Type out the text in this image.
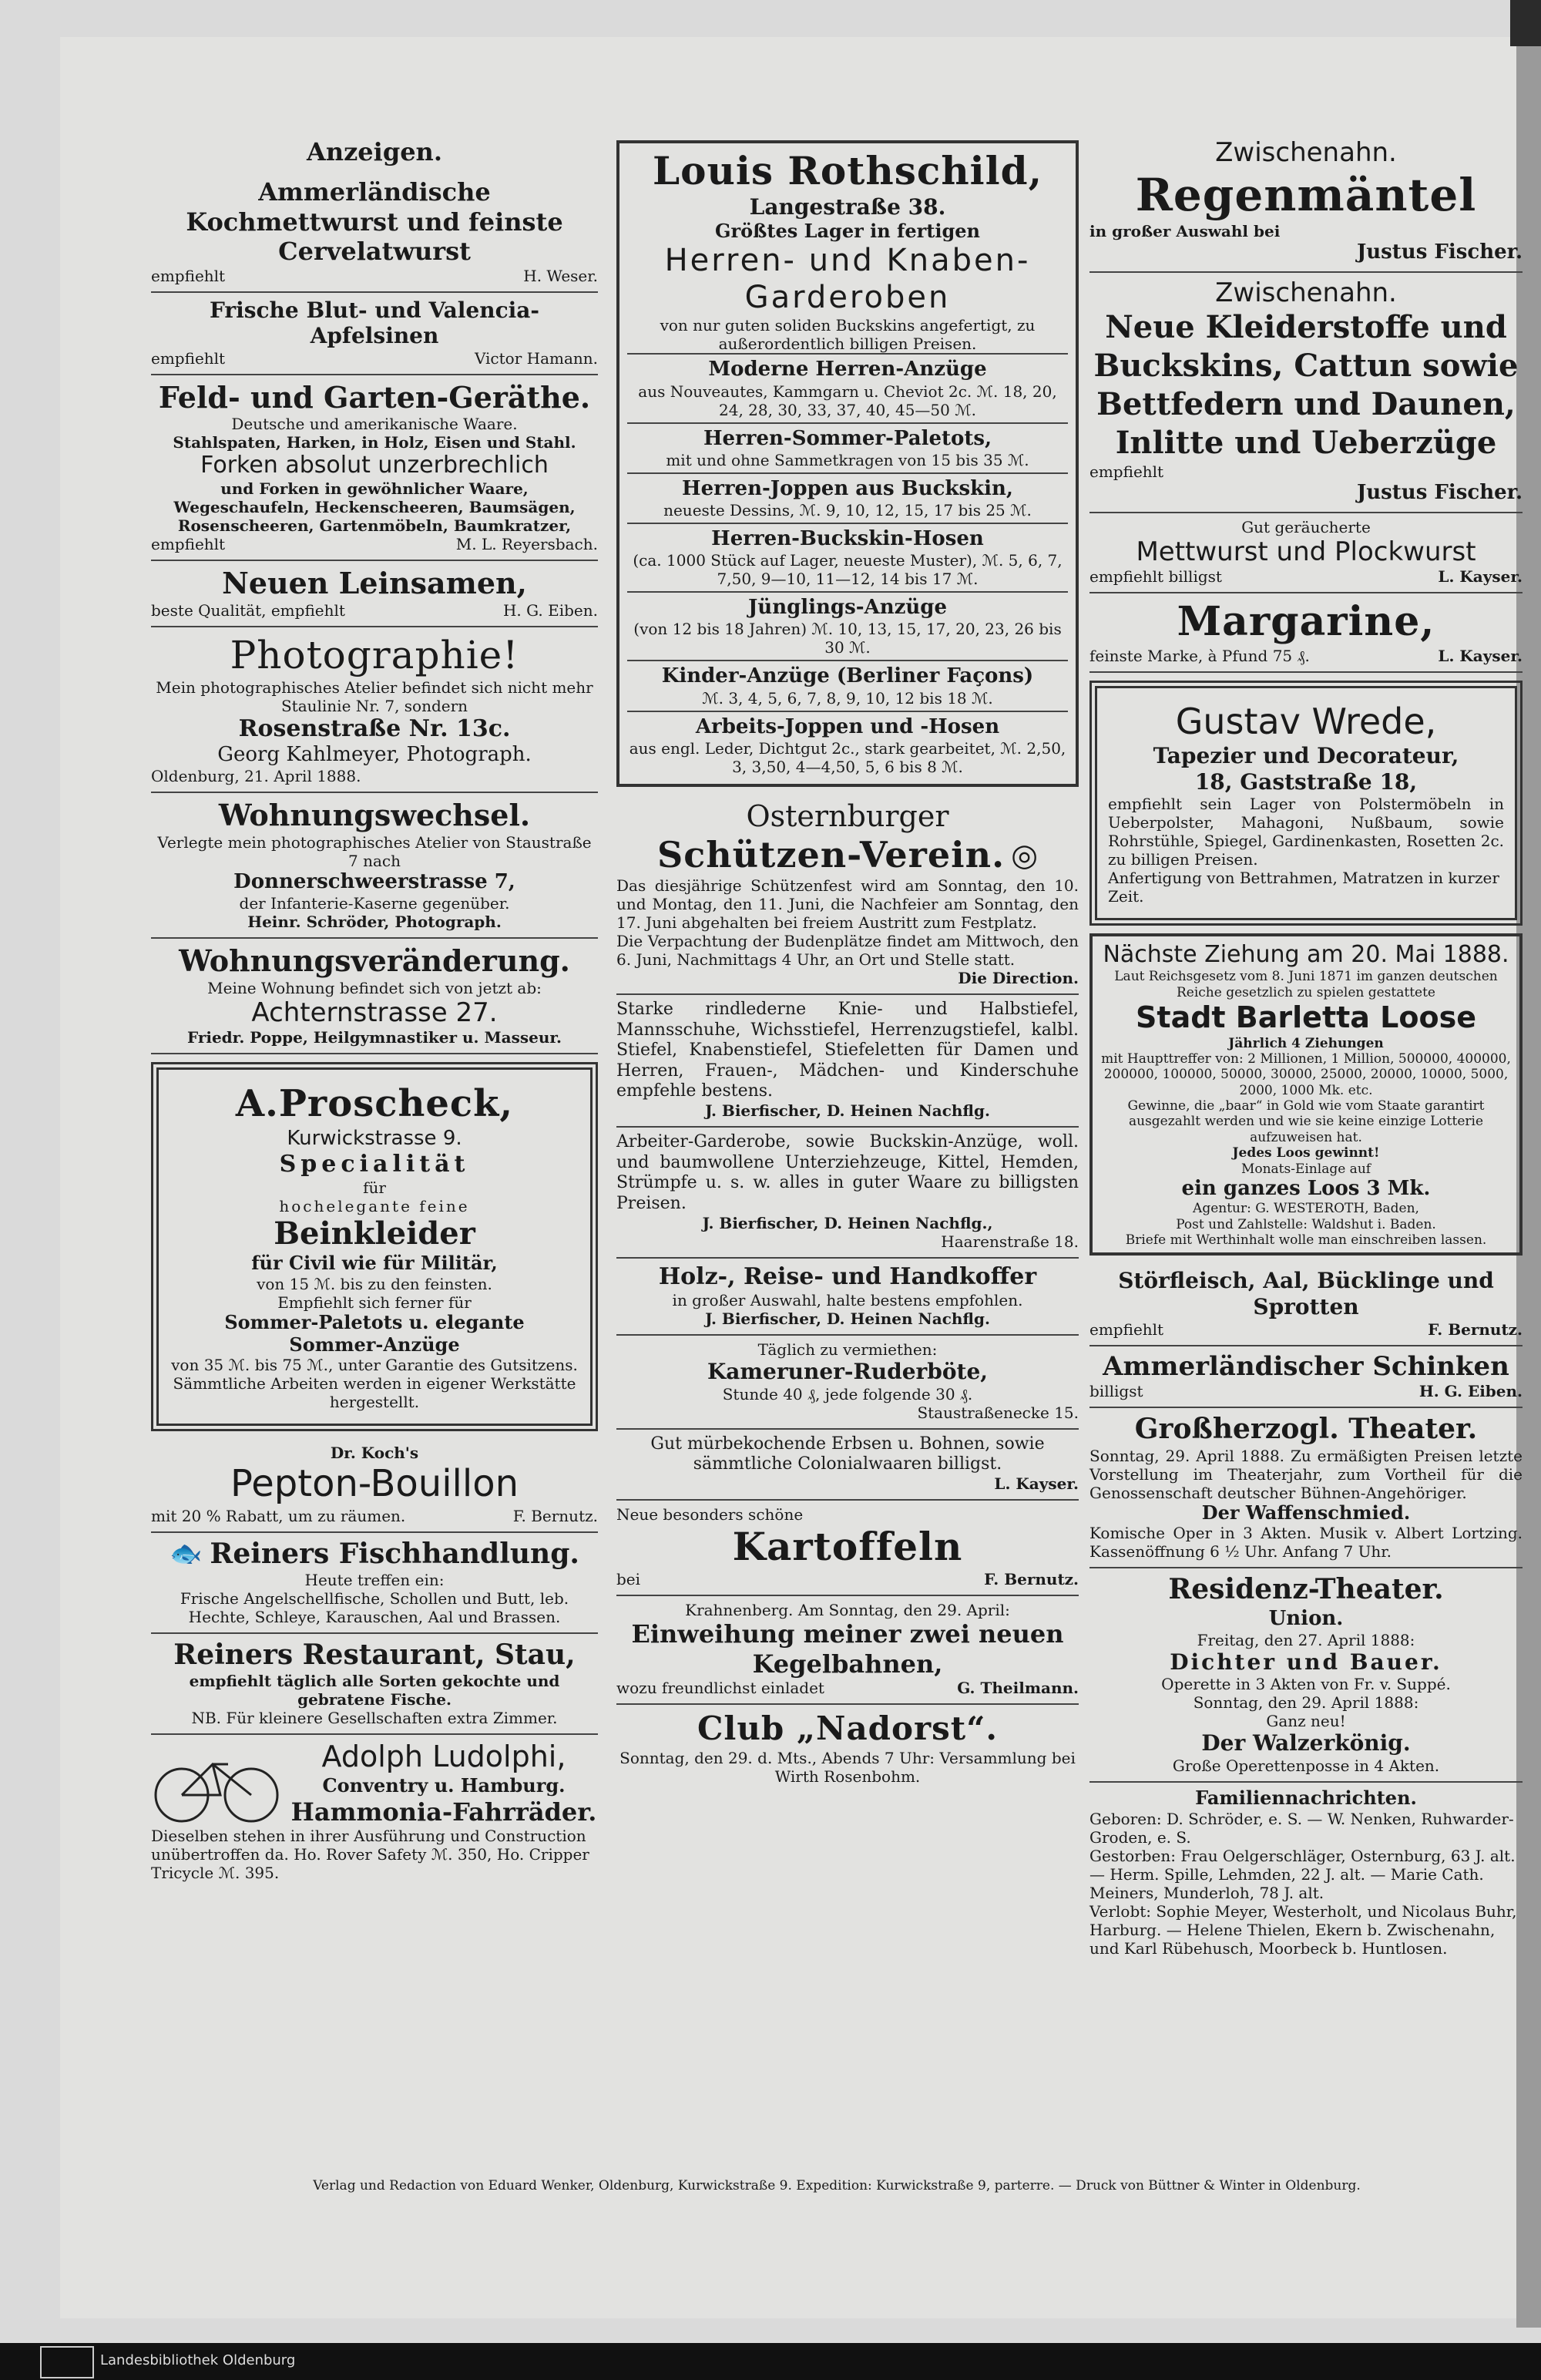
Anzeigen.
Ammerländische Kochmettwurst und feinste Cervelatwurst
empfiehlt	H. Weser.
Frische Blut- und Valencia-Apfelsinen
empfiehlt	Victor Hamann.
Feld- und Garten-Geräthe.
Deutsche und amerikanische Waare.
Stahlspaten, Harken, in Holz, Eisen und Stahl.
Forken absolut unzerbrechlich
und Forken in gewöhnlicher Waare, Wegeschaufeln, Heckenscheeren, Baumsägen, Rosenscheeren, Gartenmöbeln, Baumkratzer,
empfiehlt	M. L. Reyersbach.
Neuen Leinsamen,
beste Qualität, empfiehlt	H. G. Eiben.
Photographie!
Mein photographisches Atelier befindet sich nicht mehr Staulinie Nr. 7, sondern
Rosenstraße Nr. 13c.
Georg Kahlmeyer, Photograph.
Oldenburg, 21. April 1888.
Wohnungswechsel.
Verlegte mein photographisches Atelier von Staustraße 7 nach
Donnerschweerstrasse 7,
der Infanterie-Kaserne gegenüber.
Heinr. Schröder, Photograph.
Wohnungsveränderung.
Meine Wohnung befindet sich von jetzt ab:
Achternstrasse 27.
Friedr. Poppe, Heilgymnastiker u. Masseur.
A.Proscheck,
Kurwickstrasse 9.
Specialität
für
hochelegante feine
Beinkleider
für Civil wie für Militär,
von 15 ℳ. bis zu den feinsten.
Empfiehlt sich ferner für
Sommer-Paletots u. elegante
Sommer-Anzüge
von 35 ℳ. bis 75 ℳ., unter Garantie des Gutsitzens. Sämmtliche Arbeiten werden in eigener Werkstätte hergestellt.
Dr. Koch's
Pepton-Bouillon
mit 20 % Rabatt, um zu räumen.	F. Bernutz.
🐟 Reiners Fischhandlung.
Heute treffen ein:
Frische Angelschellfische, Schollen und Butt, leb. Hechte, Schleye, Karauschen, Aal und Brassen.
Reiners Restaurant, Stau,
empfiehlt täglich alle Sorten gekochte und gebratene Fische.
NB. Für kleinere Gesellschaften extra Zimmer.
Adolph Ludolphi,
Conventry u. Hamburg.
Hammonia-Fahrräder.
Dieselben stehen in ihrer Ausführung und Construction unübertroffen da. Ho. Rover Safety ℳ. 350, Ho. Cripper Tricycle ℳ. 395.
Louis Rothschild,
Langestraße 38.
Größtes Lager in fertigen
Herren- und Knaben-Garderoben
von nur guten soliden Buckskins angefertigt, zu außerordentlich billigen Preisen.
Moderne Herren-Anzüge
aus Nouveautes, Kammgarn u. Cheviot 2c. ℳ. 18, 20, 24, 28, 30, 33, 37, 40, 45—50 ℳ.
Herren-Sommer-Paletots,
mit und ohne Sammetkragen von 15 bis 35 ℳ.
Herren-Joppen aus Buckskin,
neueste Dessins, ℳ. 9, 10, 12, 15, 17 bis 25 ℳ.
Herren-Buckskin-Hosen
(ca. 1000 Stück auf Lager, neueste Muster), ℳ. 5, 6, 7, 7,50, 9—10, 11—12, 14 bis 17 ℳ.
Jünglings-Anzüge
(von 12 bis 18 Jahren) ℳ. 10, 13, 15, 17, 20, 23, 26 bis 30 ℳ.
Kinder-Anzüge (Berliner Façons)
ℳ. 3, 4, 5, 6, 7, 8, 9, 10, 12 bis 18 ℳ.
Arbeits-Joppen und -Hosen
aus engl. Leder, Dichtgut 2c., stark gearbeitet, ℳ. 2,50, 3, 3,50, 4—4,50, 5, 6 bis 8 ℳ.
Osternburger
Schützen-Verein. ◎
Das diesjährige Schützenfest wird am Sonntag, den 10. und Montag, den 11. Juni, die Nachfeier am Sonntag, den 17. Juni abgehalten bei freiem Austritt zum Festplatz.
Die Verpachtung der Budenplätze findet am Mittwoch, den 6. Juni, Nachmittags 4 Uhr, an Ort und Stelle statt.
Die Direction.
Starke rindlederne Knie- und Halbstiefel, Mannsschuhe, Wichsstiefel, Herrenzugstiefel, kalbl. Stiefel, Knabenstiefel, Stiefeletten für Damen und Herren, Frauen-, Mädchen- und Kinderschuhe empfehle bestens.
J. Bierfischer, D. Heinen Nachflg.
Arbeiter-Garderobe, sowie Buckskin-Anzüge, woll. und baumwollene Unterziehzeuge, Kittel, Hemden, Strümpfe u. s. w. alles in guter Waare zu billigsten Preisen.
J. Bierfischer, D. Heinen Nachflg.,
Haarenstraße 18.
Holz-, Reise- und Handkoffer
in großer Auswahl, halte bestens empfohlen.
J. Bierfischer, D. Heinen Nachflg.
Täglich zu vermiethen:
Kameruner-Ruderböte,
Stunde 40 ₰, jede folgende 30 ₰.
Staustraßenecke 15.
Gut mürbekochende Erbsen u. Bohnen, sowie sämmtliche Colonialwaaren billigst.
L. Kayser.
Neue besonders schöne
Kartoffeln
bei	F. Bernutz.
Krahnenberg. Am Sonntag, den 29. April:
Einweihung meiner zwei neuen Kegelbahnen,
wozu freundlichst einladet	G. Theilmann.
Club „Nadorst“.
Sonntag, den 29. d. Mts., Abends 7 Uhr: Versammlung bei Wirth Rosenbohm.
Zwischenahn.
Regenmäntel
in großer Auswahl bei
Justus Fischer.
Zwischenahn.
Neue Kleiderstoffe und Buckskins, Cattun sowie Bettfedern und Daunen, Inlitte und Ueberzüge
empfiehlt
Justus Fischer.
Gut geräucherte
Mettwurst und Plockwurst
empfiehlt billigst	L. Kayser.
Margarine,
feinste Marke, à Pfund 75 ₰.	L. Kayser.
Gustav Wrede,
Tapezier und Decorateur,
18, Gaststraße 18,
empfiehlt sein Lager von Polstermöbeln in Ueberpolster, Mahagoni, Nußbaum, sowie Rohrstühle, Spiegel, Gardinenkasten, Rosetten 2c. zu billigen Preisen.
Anfertigung von Bettrahmen, Matratzen in kurzer Zeit.
Nächste Ziehung am 20. Mai 1888.
Laut Reichsgesetz vom 8. Juni 1871 im ganzen deutschen Reiche gesetzlich zu spielen gestattete
Stadt Barletta Loose
Jährlich 4 Ziehungen
mit Haupttreffer von: 2 Millionen, 1 Million, 500000, 400000, 200000, 100000, 50000, 30000, 25000, 20000, 10000, 5000, 2000, 1000 Mk. etc.
Gewinne, die „baar“ in Gold wie vom Staate garantirt ausgezahlt werden und wie sie keine einzige Lotterie aufzuweisen hat.
Jedes Loos gewinnt!
Monats-Einlage auf
ein ganzes Loos 3 Mk.
Agentur: G. WESTEROTH, Baden,
Post und Zahlstelle: Waldshut i. Baden.
Briefe mit Werthinhalt wolle man einschreiben lassen.
Störfleisch, Aal, Bücklinge und Sprotten
empfiehlt	F. Bernutz.
Ammerländischer Schinken
billigst	H. G. Eiben.
Großherzogl. Theater.
Sonntag, 29. April 1888. Zu ermäßigten Preisen letzte Vorstellung im Theaterjahr, zum Vortheil für die Genossenschaft deutscher Bühnen-Angehöriger.
Der Waffenschmied.
Komische Oper in 3 Akten. Musik v. Albert Lortzing. Kassenöffnung 6 ½ Uhr. Anfang 7 Uhr.
Residenz-Theater.
Union.
Freitag, den 27. April 1888:
Dichter und Bauer.
Operette in 3 Akten von Fr. v. Suppé.
Sonntag, den 29. April 1888:
Ganz neu!
Der Walzerkönig.
Große Operettenposse in 4 Akten.
Familiennachrichten.
Geboren: D. Schröder, e. S. — W. Nenken, Ruhwarder-Groden, e. S.
Gestorben: Frau Oelgerschläger, Osternburg, 63 J. alt. — Herm. Spille, Lehmden, 22 J. alt. — Marie Cath. Meiners, Munderloh, 78 J. alt.
Verlobt: Sophie Meyer, Westerholt, und Nicolaus Buhr, Harburg. — Helene Thielen, Ekern b. Zwischenahn, und Karl Rübehusch, Moorbeck b. Huntlosen.
Verlag und Redaction von Eduard Wenker, Oldenburg, Kurwickstraße 9. Expedition: Kurwickstraße 9, parterre. — Druck von Büttner & Winter in Oldenburg.
Landesbibliothek Oldenburg
